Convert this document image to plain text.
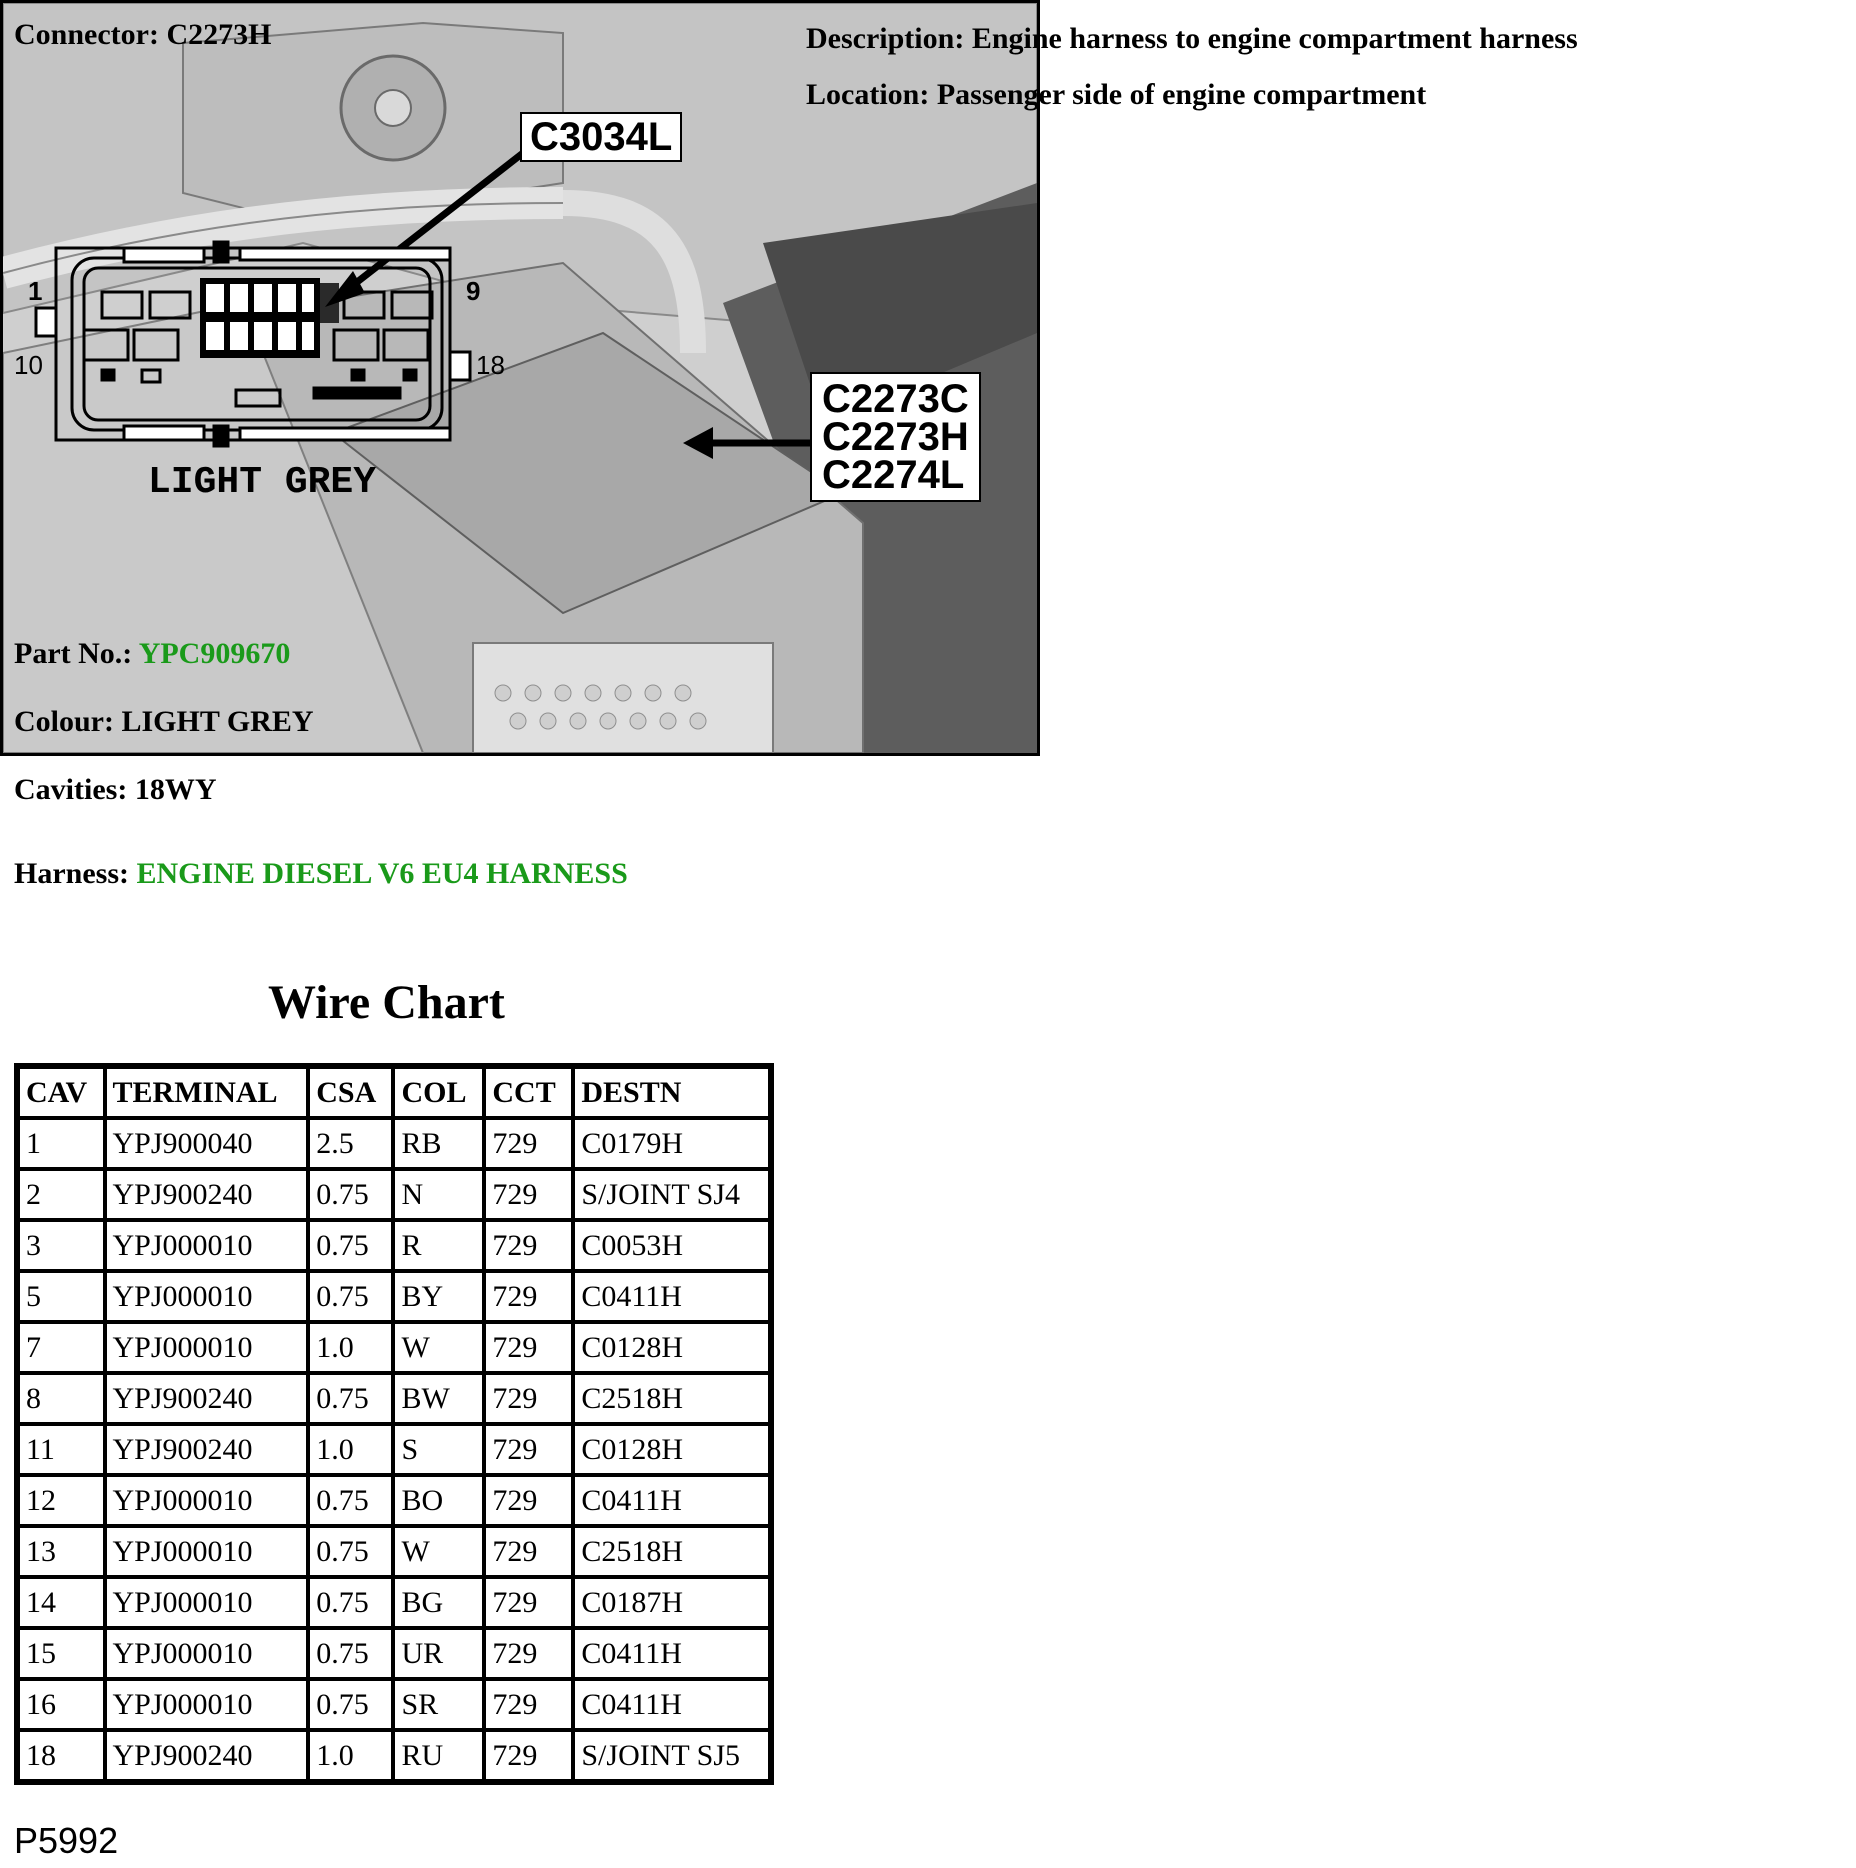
Connector: C2273H	Description: Engine harness to engine compartment harness
Location: Passenger side of engine compartment
1	9
10	18
LIGHT GREY
C3034L
C2273C
C2273H
C2274L
P5992
Part No.: YPC909670
Colour: LIGHT GREY
Cavities: 18WY
Harness: ENGINE DIESEL V6 EU4 HARNESS
Wire Chart
CAV	TERMINAL	CSA	COL	CCT	DESTN
1	YPJ900040	2.5	RB	729	C0179H
2	YPJ900240	0.75	N	729	S/JOINT SJ4
3	YPJ000010	0.75	R	729	C0053H
5	YPJ000010	0.75	BY	729	C0411H
7	YPJ000010	1.0	W	729	C0128H
8	YPJ900240	0.75	BW	729	C2518H
11	YPJ900240	1.0	S	729	C0128H
12	YPJ000010	0.75	BO	729	C0411H
13	YPJ000010	0.75	W	729	C2518H
14	YPJ000010	0.75	BG	729	C0187H
15	YPJ000010	0.75	UR	729	C0411H
16	YPJ000010	0.75	SR	729	C0411H
18	YPJ900240	1.0	RU	729	S/JOINT SJ5
